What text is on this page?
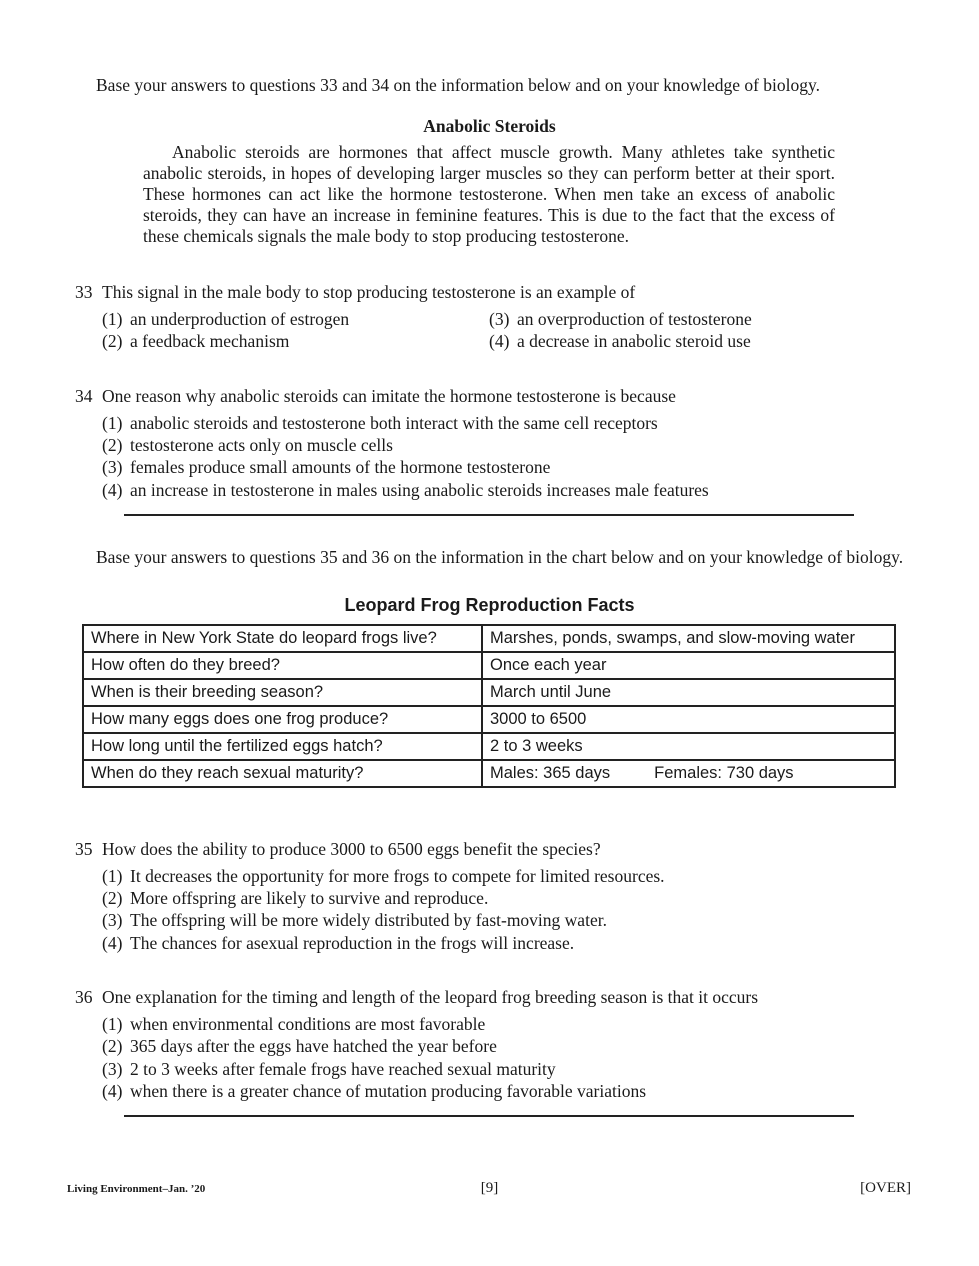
Base your answers to questions 33 and 34 on the information below and on your knowledge of biology.
Anabolic Steroids
Anabolic steroids are hormones that affect muscle growth. Many athletes take synthetic anabolic steroids, in hopes of developing larger muscles so they can perform better at their sport. These hormones can act like the hormone testosterone. When men take an excess of anabolic steroids, they can have an increase in feminine features. This is due to the fact that the excess of these chemicals signals the male body to stop producing testosterone.
33 This signal in the male body to stop producing testosterone is an example of
(1) an underproduction of estrogen
(2) a feedback mechanism
(3) an overproduction of testosterone
(4) a decrease in anabolic steroid use
34 One reason why anabolic steroids can imitate the hormone testosterone is because
(1) anabolic steroids and testosterone both interact with the same cell receptors
(2) testosterone acts only on muscle cells
(3) females produce small amounts of the hormone testosterone
(4) an increase in testosterone in males using anabolic steroids increases male features
Base your answers to questions 35 and 36 on the information in the chart below and on your knowledge of biology.
Leopard Frog Reproduction Facts
Where in New York State do leopard frogs live?	Marshes, ponds, swamps, and slow-moving water
How often do they breed?	Once each year
When is their breeding season?	March until June
How many eggs does one frog produce?	3000 to 6500
How long until the fertilized eggs hatch?	2 to 3 weeks
When do they reach sexual maturity?	Males: 365 days Females: 730 days
35 How does the ability to produce 3000 to 6500 eggs benefit the species?
(1) It decreases the opportunity for more frogs to compete for limited resources.
(2) More offspring are likely to survive and reproduce.
(3) The offspring will be more widely distributed by fast-moving water.
(4) The chances for asexual reproduction in the frogs will increase.
36 One explanation for the timing and length of the leopard frog breeding season is that it occurs
(1) when environmental conditions are most favorable
(2) 365 days after the eggs have hatched the year before
(3) 2 to 3 weeks after female frogs have reached sexual maturity
(4) when there is a greater chance of mutation producing favorable variations
Living Environment–Jan. ’20	[9]	[OVER]
